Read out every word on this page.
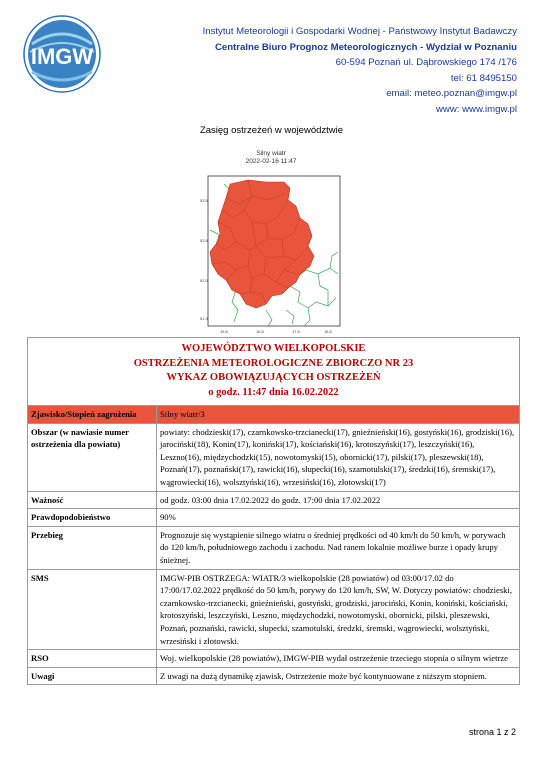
IMGW
Instytut Meteorologii i Gospodarki Wodnej - Państwowy Instytut Badawczy
Centralne Biuro Prognoz Meteorologicznych - Wydział w Poznaniu
60-594 Poznań ul. Dąbrowskiego 174 /176
tel: 61 8495150
email: meteo.poznan@imgw.pl
www: www.imgw.pl
Zasięg ostrzeżeń w województwie
Silny wiatr
2022-02-16 11:47
53.5
52.8
52.0
51.3
15.8	16.8	17.8	18.8
WOJEWÓDZTWO WIELKOPOLSKIE
OSTRZEŻENIA METEOROLOGICZNE ZBIORCZO NR 23
WYKAZ OBOWIĄZUJĄCYCH OSTRZEŻEŃ
o godz. 11:47 dnia 16.02.2022	

Zjawisko/Stopień zagrożenia	Silny wiatr/3
Obszar (w nawiasie numer ostrzeżenia dla powiatu)	powiaty: chodzieski(17), czarnkowsko-trzcianecki(17), gnieźnieński(16), gostyński(16), grodziski(16), jarociński(18), Konin(17), koniński(17), kościański(16), krotoszyński(17), leszczyński(16), Leszno(16), międzychodzki(15), nowotomyski(15), obornicki(17), pilski(17), pleszewski(18), Poznań(17), poznański(17), rawicki(16), słupecki(16), szamotulski(17), średzki(16), śremski(17), wągrowiecki(16), wolsztyński(16), wrzesiński(16), złotowski(17)
Ważność	od godz. 03:00 dnia 17.02.2022 do godz. 17:00 dnia 17.02.2022
Prawdopodobieństwo	90%
Przebieg	Prognozuje się wystąpienie silnego wiatru o średniej prędkości od 40 km/h do 50 km/h, w porywach do 120 km/h, południowego zachodu i zachodu. Nad ranem lokalnie możliwe burze i opady krupy śnieżnej.
SMS	IMGW-PIB OSTRZEGA: WIATR/3 wielkopolskie (28 powiatów) od 03:00/17.02 do 17:00/17.02.2022 prędkość do 50 km/h, porywy do 120 km/h, SW, W. Dotyczy powiatów: chodzieski, czarnkowsko-trzcianecki, gnieźnieński, gostyński, grodziski, jarociński, Konin, koniński, kościański, krotoszyński, leszczyński, Leszno, międzychodzki, nowotomyski, obornicki, pilski, pleszewski, Poznań, poznański, rawicki, słupecki, szamotulski, średzki, śremski, wągrowiecki, wolsztyński, wrzesiński i złotowski.
RSO	Woj. wielkopolskie (28 powiatów), IMGW-PIB wydał ostrzeżenie trzeciego stopnia o silnym wietrze
Uwagi	Z uwagi na dużą dynamikę zjawisk, Ostrzeżenie może być kontynuowane z niższym stopniem.
strona 1 z 2
